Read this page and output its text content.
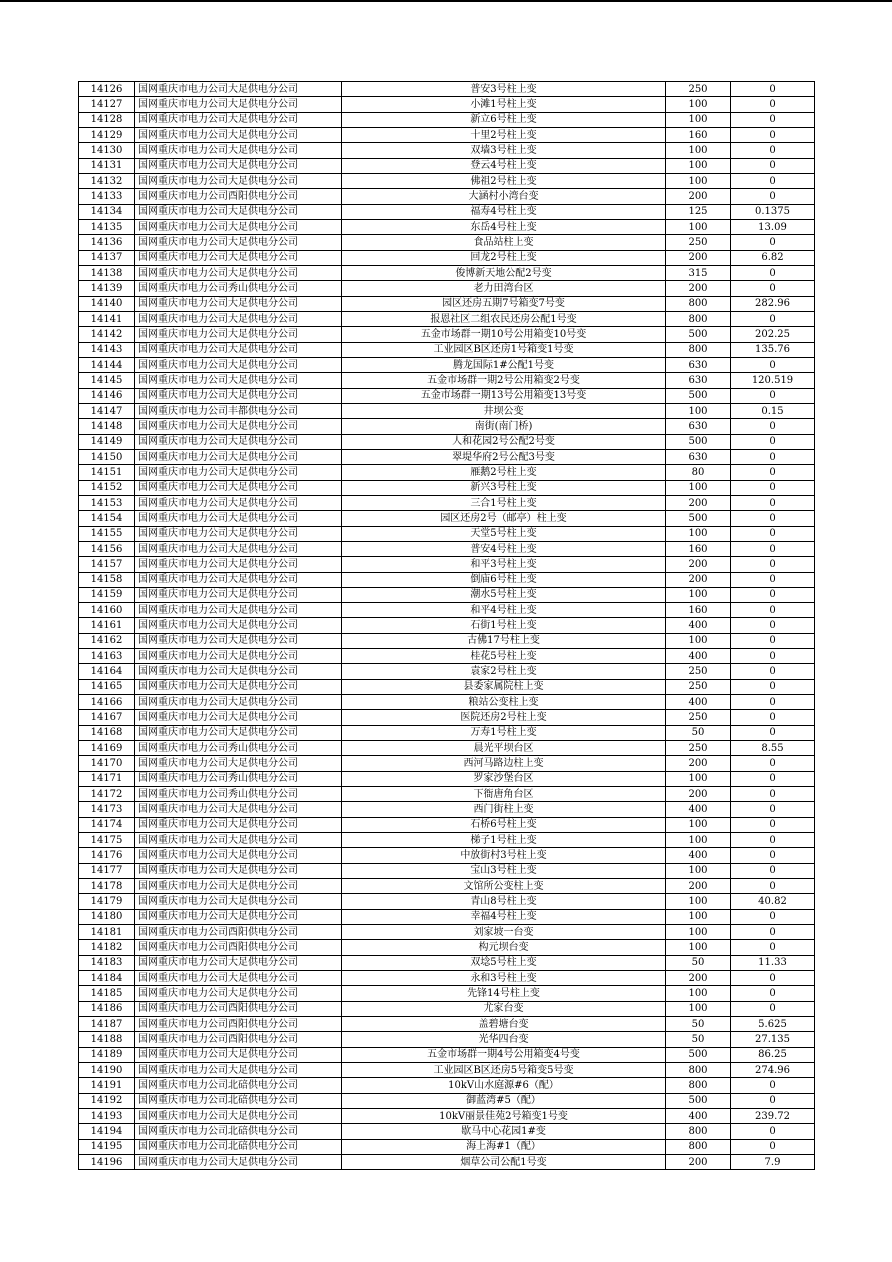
14126	国网重庆市电力公司大足供电分公司	普安3号柱上变	250	0
14127	国网重庆市电力公司大足供电分公司	小滩1号柱上变	100	0
14128	国网重庆市电力公司大足供电分公司	新立6号柱上变	100	0
14129	国网重庆市电力公司大足供电分公司	十里2号柱上变	160	0
14130	国网重庆市电力公司大足供电分公司	双墙3号柱上变	100	0
14131	国网重庆市电力公司大足供电分公司	登云4号柱上变	100	0
14132	国网重庆市电力公司大足供电分公司	佛祖2号柱上变	100	0
14133	国网重庆市电力公司酉阳供电分公司	大涵村小湾台变	200	0
14134	国网重庆市电力公司大足供电分公司	福寿4号柱上变	125	0.1375
14135	国网重庆市电力公司大足供电分公司	东岳4号柱上变	100	13.09
14136	国网重庆市电力公司大足供电分公司	食品站柱上变	250	0
14137	国网重庆市电力公司大足供电分公司	回龙2号柱上变	200	6.82
14138	国网重庆市电力公司大足供电分公司	俊博新天地公配2号变	315	0
14139	国网重庆市电力公司秀山供电分公司	老力田湾台区	200	0
14140	国网重庆市电力公司大足供电分公司	园区还房五期7号箱变7号变	800	282.96
14141	国网重庆市电力公司大足供电分公司	报恩社区二组农民还房公配1号变	800	0
14142	国网重庆市电力公司大足供电分公司	五金市场群一期10号公用箱变10号变	500	202.25
14143	国网重庆市电力公司大足供电分公司	工业园区B区还房1号箱变1号变	800	135.76
14144	国网重庆市电力公司大足供电分公司	腾龙国际1#公配1号变	630	0
14145	国网重庆市电力公司大足供电分公司	五金市场群一期2号公用箱变2号变	630	120.519
14146	国网重庆市电力公司大足供电分公司	五金市场群一期13号公用箱变13号变	500	0
14147	国网重庆市电力公司丰都供电分公司	井坝公变	100	0.15
14148	国网重庆市电力公司大足供电分公司	南街(南门桥)	630	0
14149	国网重庆市电力公司大足供电分公司	人和花园2号公配2号变	500	0
14150	国网重庆市电力公司大足供电分公司	翠堤华府2号公配3号变	630	0
14151	国网重庆市电力公司大足供电分公司	雁鹅2号柱上变	80	0
14152	国网重庆市电力公司大足供电分公司	新兴3号柱上变	100	0
14153	国网重庆市电力公司大足供电分公司	三合1号柱上变	200	0
14154	国网重庆市电力公司大足供电分公司	园区还房2号（邮亭）柱上变	500	0
14155	国网重庆市电力公司大足供电分公司	天堂5号柱上变	100	0
14156	国网重庆市电力公司大足供电分公司	普安4号柱上变	160	0
14157	国网重庆市电力公司大足供电分公司	和平3号柱上变	200	0
14158	国网重庆市电力公司大足供电分公司	倒庙6号柱上变	200	0
14159	国网重庆市电力公司大足供电分公司	潮水5号柱上变	100	0
14160	国网重庆市电力公司大足供电分公司	和平4号柱上变	160	0
14161	国网重庆市电力公司大足供电分公司	石街1号柱上变	400	0
14162	国网重庆市电力公司大足供电分公司	古佛17号柱上变	100	0
14163	国网重庆市电力公司大足供电分公司	桂花5号柱上变	400	0
14164	国网重庆市电力公司大足供电分公司	袁家2号柱上变	250	0
14165	国网重庆市电力公司大足供电分公司	县委家属院柱上变	250	0
14166	国网重庆市电力公司大足供电分公司	粮站公变柱上变	400	0
14167	国网重庆市电力公司大足供电分公司	医院还房2号柱上变	250	0
14168	国网重庆市电力公司大足供电分公司	万寿1号柱上变	50	0
14169	国网重庆市电力公司秀山供电分公司	晨光平坝台区	250	8.55
14170	国网重庆市电力公司大足供电分公司	西河马路边柱上变	200	0
14171	国网重庆市电力公司秀山供电分公司	罗家沙堡台区	100	0
14172	国网重庆市电力公司秀山供电分公司	下衙唐角台区	200	0
14173	国网重庆市电力公司大足供电分公司	西门街柱上变	400	0
14174	国网重庆市电力公司大足供电分公司	石桥6号柱上变	100	0
14175	国网重庆市电力公司大足供电分公司	梯子1号柱上变	100	0
14176	国网重庆市电力公司大足供电分公司	中放街村3号柱上变	400	0
14177	国网重庆市电力公司大足供电分公司	宝山3号柱上变	100	0
14178	国网重庆市电力公司大足供电分公司	文馆所公变柱上变	200	0
14179	国网重庆市电力公司大足供电分公司	青山8号柱上变	100	40.82
14180	国网重庆市电力公司大足供电分公司	幸福4号柱上变	100	0
14181	国网重庆市电力公司酉阳供电分公司	刘家坡一台变	100	0
14182	国网重庆市电力公司酉阳供电分公司	构元坝台变	100	0
14183	国网重庆市电力公司大足供电分公司	双埝5号柱上变	50	11.33
14184	国网重庆市电力公司大足供电分公司	永和3号柱上变	200	0
14185	国网重庆市电力公司大足供电分公司	先锋14号柱上变	100	0
14186	国网重庆市电力公司酉阳供电分公司	尤家台变	100	0
14187	国网重庆市电力公司酉阳供电分公司	盖碧塘台变	50	5.625
14188	国网重庆市电力公司酉阳供电分公司	光华四台变	50	27.135
14189	国网重庆市电力公司大足供电分公司	五金市场群一期4号公用箱变4号变	500	86.25
14190	国网重庆市电力公司大足供电分公司	工业园区B区还房5号箱变5号变	800	274.96
14191	国网重庆市电力公司北碚供电分公司	10kV山水庭源#6（配）	800	0
14192	国网重庆市电力公司北碚供电分公司	御蓝湾#5（配）	500	0
14193	国网重庆市电力公司大足供电分公司	10kV丽景佳苑2号箱变1号变	400	239.72
14194	国网重庆市电力公司北碚供电分公司	歇马中心花园1#变	800	0
14195	国网重庆市电力公司北碚供电分公司	海上海#1（配）	800	0
14196	国网重庆市电力公司大足供电分公司	烟草公司公配1号变	200	7.9
